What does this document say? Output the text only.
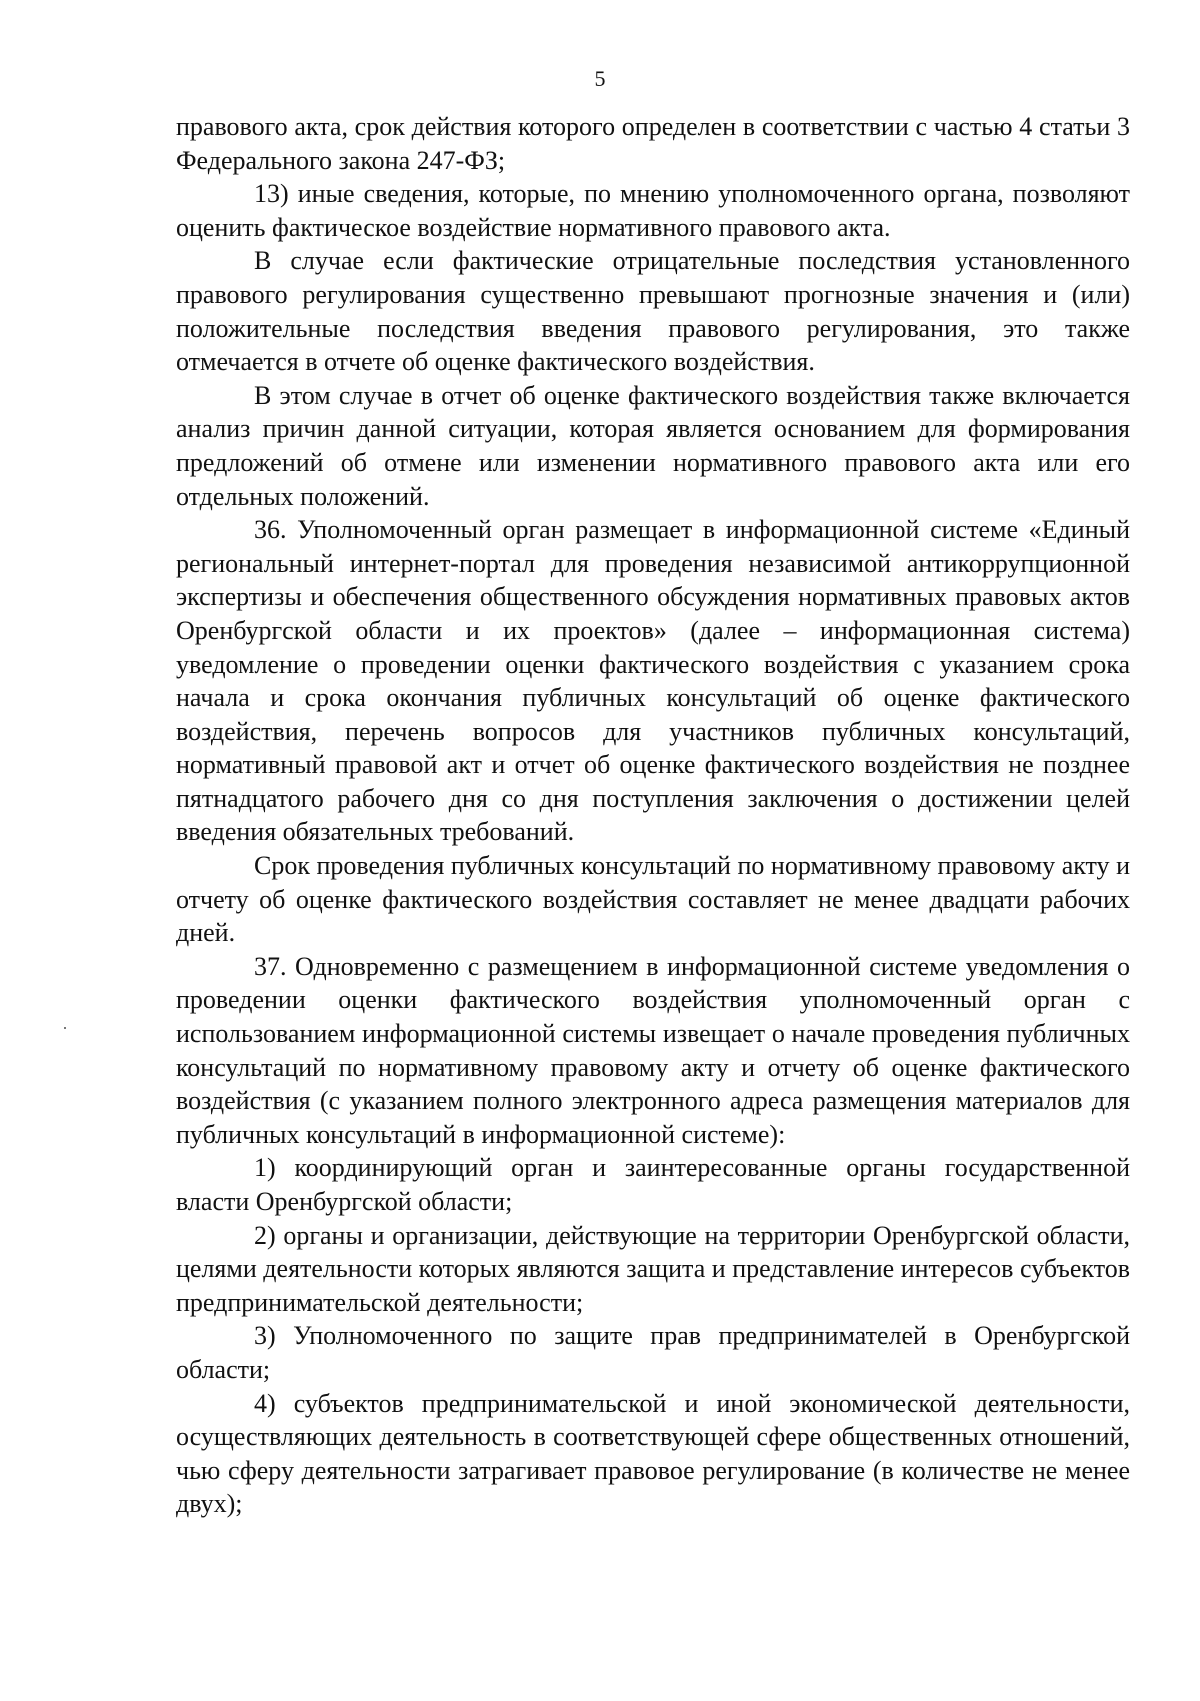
5

правового акта, срок действия которого определен в соответствии с частью 4 статьи 3 Федерального закона 247-ФЗ;

13) иные сведения, которые, по мнению уполномоченного органа, позволяют оценить фактическое воздействие нормативного правового акта.

В случае если фактические отрицательные последствия установленного правового регулирования существенно превышают прогнозные значения и (или) положительные последствия введения правового регулирования, это также отмечается в отчете об оценке фактического воздействия.

В этом случае в отчет об оценке фактического воздействия также включается анализ причин данной ситуации, которая является основанием для формирования предложений об отмене или изменении нормативного правового акта или его отдельных положений.

36. Уполномоченный орган размещает в информационной системе «Единый региональный интернет-портал для проведения независимой антикоррупционной экспертизы и обеспечения общественного обсуждения нормативных правовых актов Оренбургской области и их проектов» (далее – информационная система) уведомление о проведении оценки фактического воздействия с указанием срока начала и срока окончания публичных консультаций об оценке фактического воздействия, перечень вопросов для участников публичных консультаций, нормативный правовой акт и отчет об оценке фактического воздействия не позднее пятнадцатого рабочего дня со дня поступления заключения о достижении целей введения обязательных требований.

Срок проведения публичных консультаций по нормативному правовому акту и отчету об оценке фактического воздействия составляет не менее двадцати рабочих дней.

37. Одновременно с размещением в информационной системе уведомления о проведении оценки фактического воздействия уполномоченный орган с использованием информационной системы извещает о начале проведения публичных консультаций по нормативному правовому акту и отчету об оценке фактического воздействия (с указанием полного электронного адреса размещения материалов для публичных консультаций в информационной системе):

1) координирующий орган и заинтересованные органы государственной власти Оренбургской области;

2) органы и организации, действующие на территории Оренбургской области, целями деятельности которых являются защита и представление интересов субъектов предпринимательской деятельности;

3) Уполномоченного по защите прав предпринимателей в Оренбургской области;

4) субъектов предпринимательской и иной экономической деятельности, осуществляющих деятельность в соответствующей сфере общественных отношений, чью сферу деятельности затрагивает правовое регулирование (в количестве не менее двух);
